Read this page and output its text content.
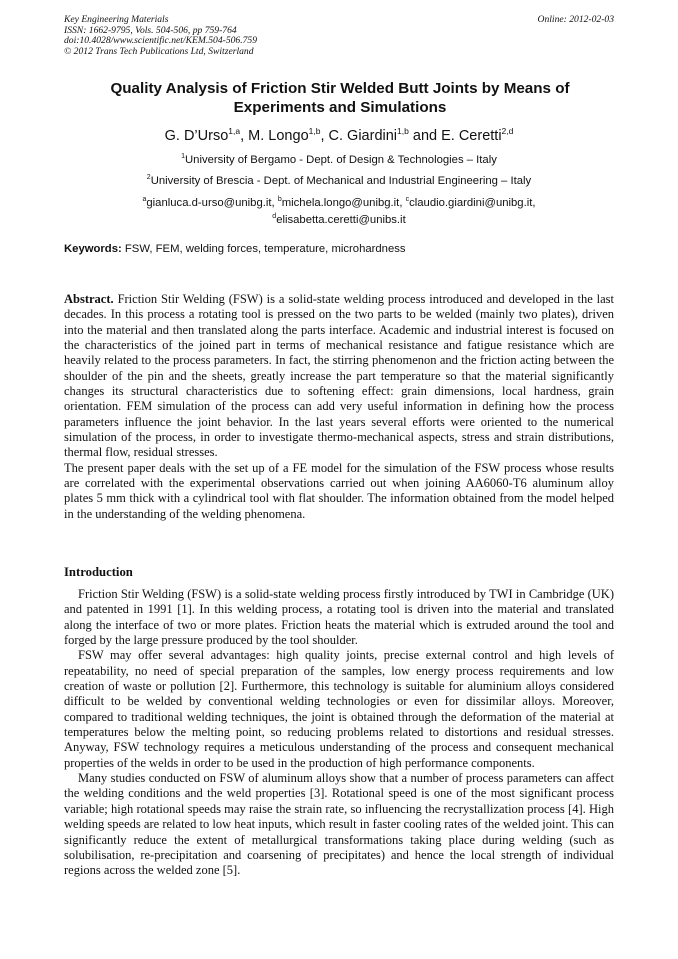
Key Engineering Materials
ISSN: 1662-9795, Vols. 504-506, pp 759-764
doi:10.4028/www.scientific.net/KEM.504-506.759
© 2012 Trans Tech Publications Ltd, Switzerland
Online: 2012-02-03
Quality Analysis of Friction Stir Welded Butt Joints by Means of Experiments and Simulations
G. D’Urso$^{1,a}$, M. Longo$^{1,b}$, C. Giardini$^{1,b}$ and E. Ceretti$^{2,d}$
$^1$University of Bergamo - Dept. of Design & Technologies – Italy
$^2$University of Brescia - Dept. of Mechanical and Industrial Engineering – Italy
$^a$gianluca.d-urso@unibg.it, $^b$michela.longo@unibg.it, $^c$claudio.giardini@unibg.it,
$^d$elisabetta.ceretti@unibs.it
Keywords: FSW, FEM, welding forces, temperature, microhardness

Abstract. Friction Stir Welding (FSW) is a solid-state welding process introduced and developed in the last decades. In this process a rotating tool is pressed on the two parts to be welded (mainly two plates), driven into the material and then translated along the parts interface. Academic and industrial interest is focused on the characteristics of the joined part in terms of mechanical resistance and fatigue resistance which are heavily related to the process parameters. In fact, the stirring phenomenon and the friction acting between the shoulder of the pin and the sheets, greatly increase the part temperature so that the material significantly changes its structural characteristics due to softening effect: grain dimensions, local hardness, grain orientation. FEM simulation of the process can add very useful information in defining how the process parameters influence the joint behavior. In the last years several efforts were oriented to the numerical simulation of the process, in order to investigate thermo-mechanical aspects, stress and strain distributions, thermal flow, residual stresses.

The present paper deals with the set up of a FE model for the simulation of the FSW process whose results are correlated with the experimental observations carried out when joining AA6060-T6 aluminum alloy plates 5 mm thick with a cylindrical tool with flat shoulder. The information obtained from the model helped in the understanding of the welding phenomena.

Introduction

Friction Stir Welding (FSW) is a solid-state welding process firstly introduced by TWI in Cambridge (UK) and patented in 1991 [1]. In this welding process, a rotating tool is driven into the material and translated along the interface of two or more plates. Friction heats the material which is extruded around the tool and forged by the large pressure produced by the tool shoulder.

FSW may offer several advantages: high quality joints, precise external control and high levels of repeatability, no need of special preparation of the samples, low energy process requirements and low creation of waste or pollution [2]. Furthermore, this technology is suitable for aluminium alloys considered difficult to be welded by conventional welding technologies or even for dissimilar alloys. Moreover, compared to traditional welding techniques, the joint is obtained through the deformation of the material at temperatures below the melting point, so reducing problems related to distortions and residual stresses. Anyway, FSW technology requires a meticulous understanding of the process and consequent mechanical properties of the welds in order to be used in the production of high performance components.

Many studies conducted on FSW of aluminum alloys show that a number of process parameters can affect the welding conditions and the weld properties [3]. Rotational speed is one of the most significant process variable; high rotational speeds may raise the strain rate, so influencing the recrystallization process [4]. High welding speeds are related to low heat inputs, which result in faster cooling rates of the welded joint. This can significantly reduce the extent of metallurgical transformations taking place during welding (such as solubilisation, re-precipitation and coarsening of precipitates) and hence the local strength of individual regions across the welded zone [5].
